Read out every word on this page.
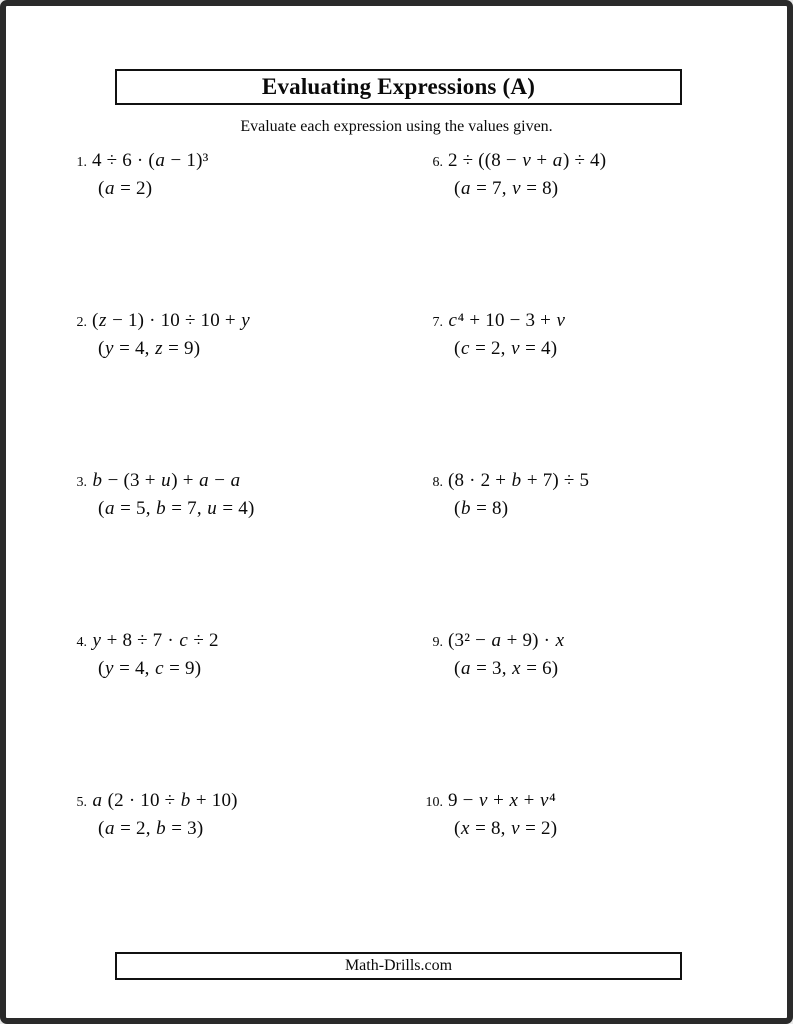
Evaluating Expressions (A)
Evaluate each expression using the values given.
1. 4 ÷ 6 · (a − 1)³
(a = 2)
6. 2 ÷ ((8 − v + a) ÷ 4)
(a = 7, v = 8)
2. (z − 1) · 10 ÷ 10 + y
(y = 4, z = 9)
7. c⁴ + 10 − 3 + v
(c = 2, v = 4)
3. b − (3 + u) + a − a
(a = 5, b = 7, u = 4)
8. (8 · 2 + b + 7) ÷ 5
(b = 8)
4. y + 8 ÷ 7 · c ÷ 2
(y = 4, c = 9)
9. (3² − a + 9) · x
(a = 3, x = 6)
5. a (2 · 10 ÷ b + 10)
(a = 2, b = 3)
10. 9 − v + x + v⁴
(x = 8, v = 2)
Math-Drills.com
